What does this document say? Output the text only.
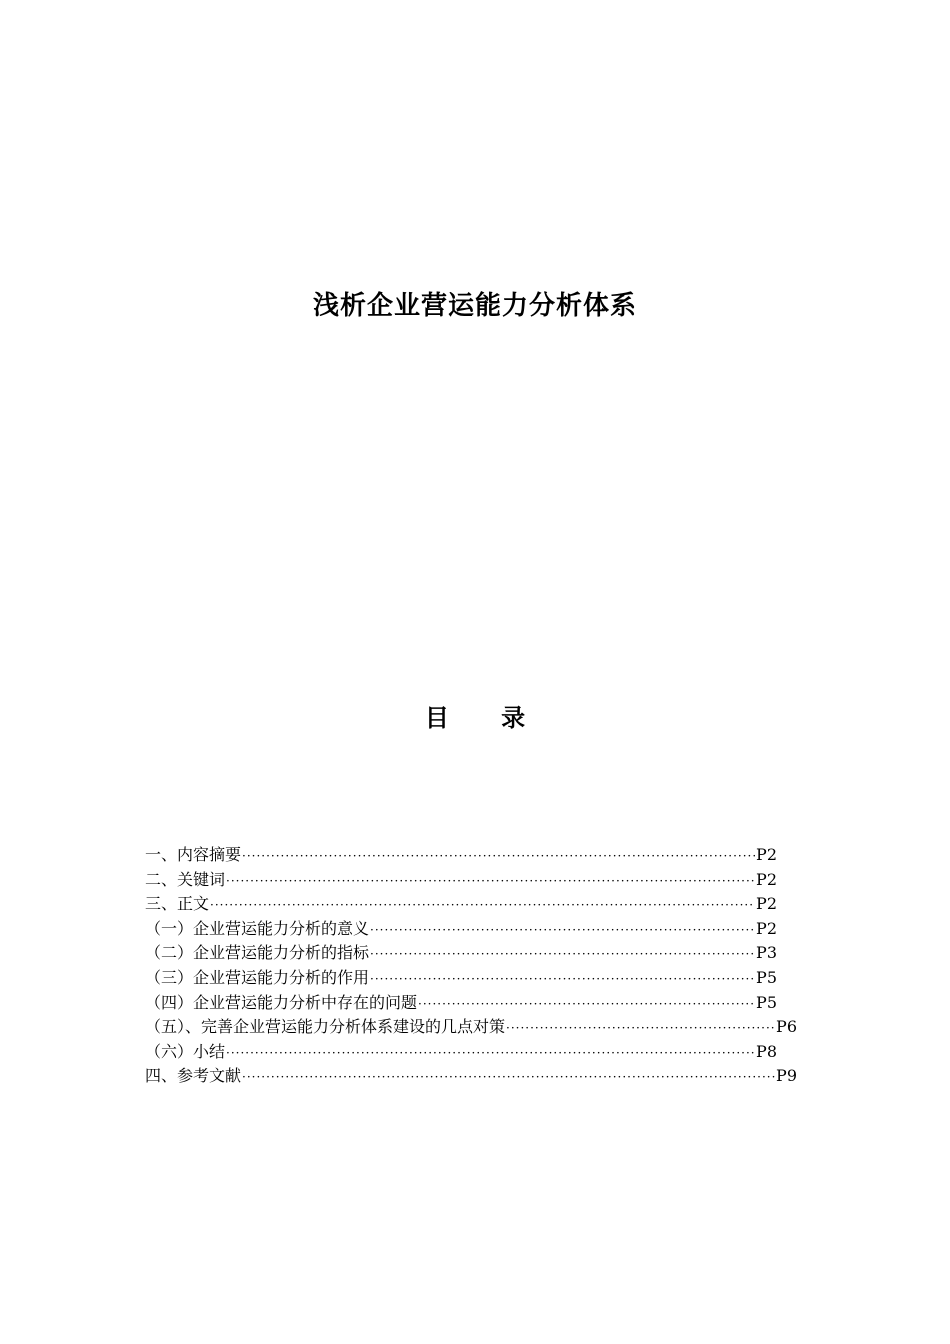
浅析企业营运能力分析体系
目 录
一、内容摘要 ·····	P2
二、关键词 ·····	P2
三、正文 ·····	P2
（一）企业营运能力分析的意义 ·····	P2
（二）企业营运能力分析的指标 ·····	P3
（三）企业营运能力分析的作用 ·····	P5
（四）企业营运能力分析中存在的问题 ·····	P5
（五）、完善企业营运能力分析体系建设的几点对策 ·····	P6
（六）小结 ·····	P8
四、参考文献 ·····	P9
